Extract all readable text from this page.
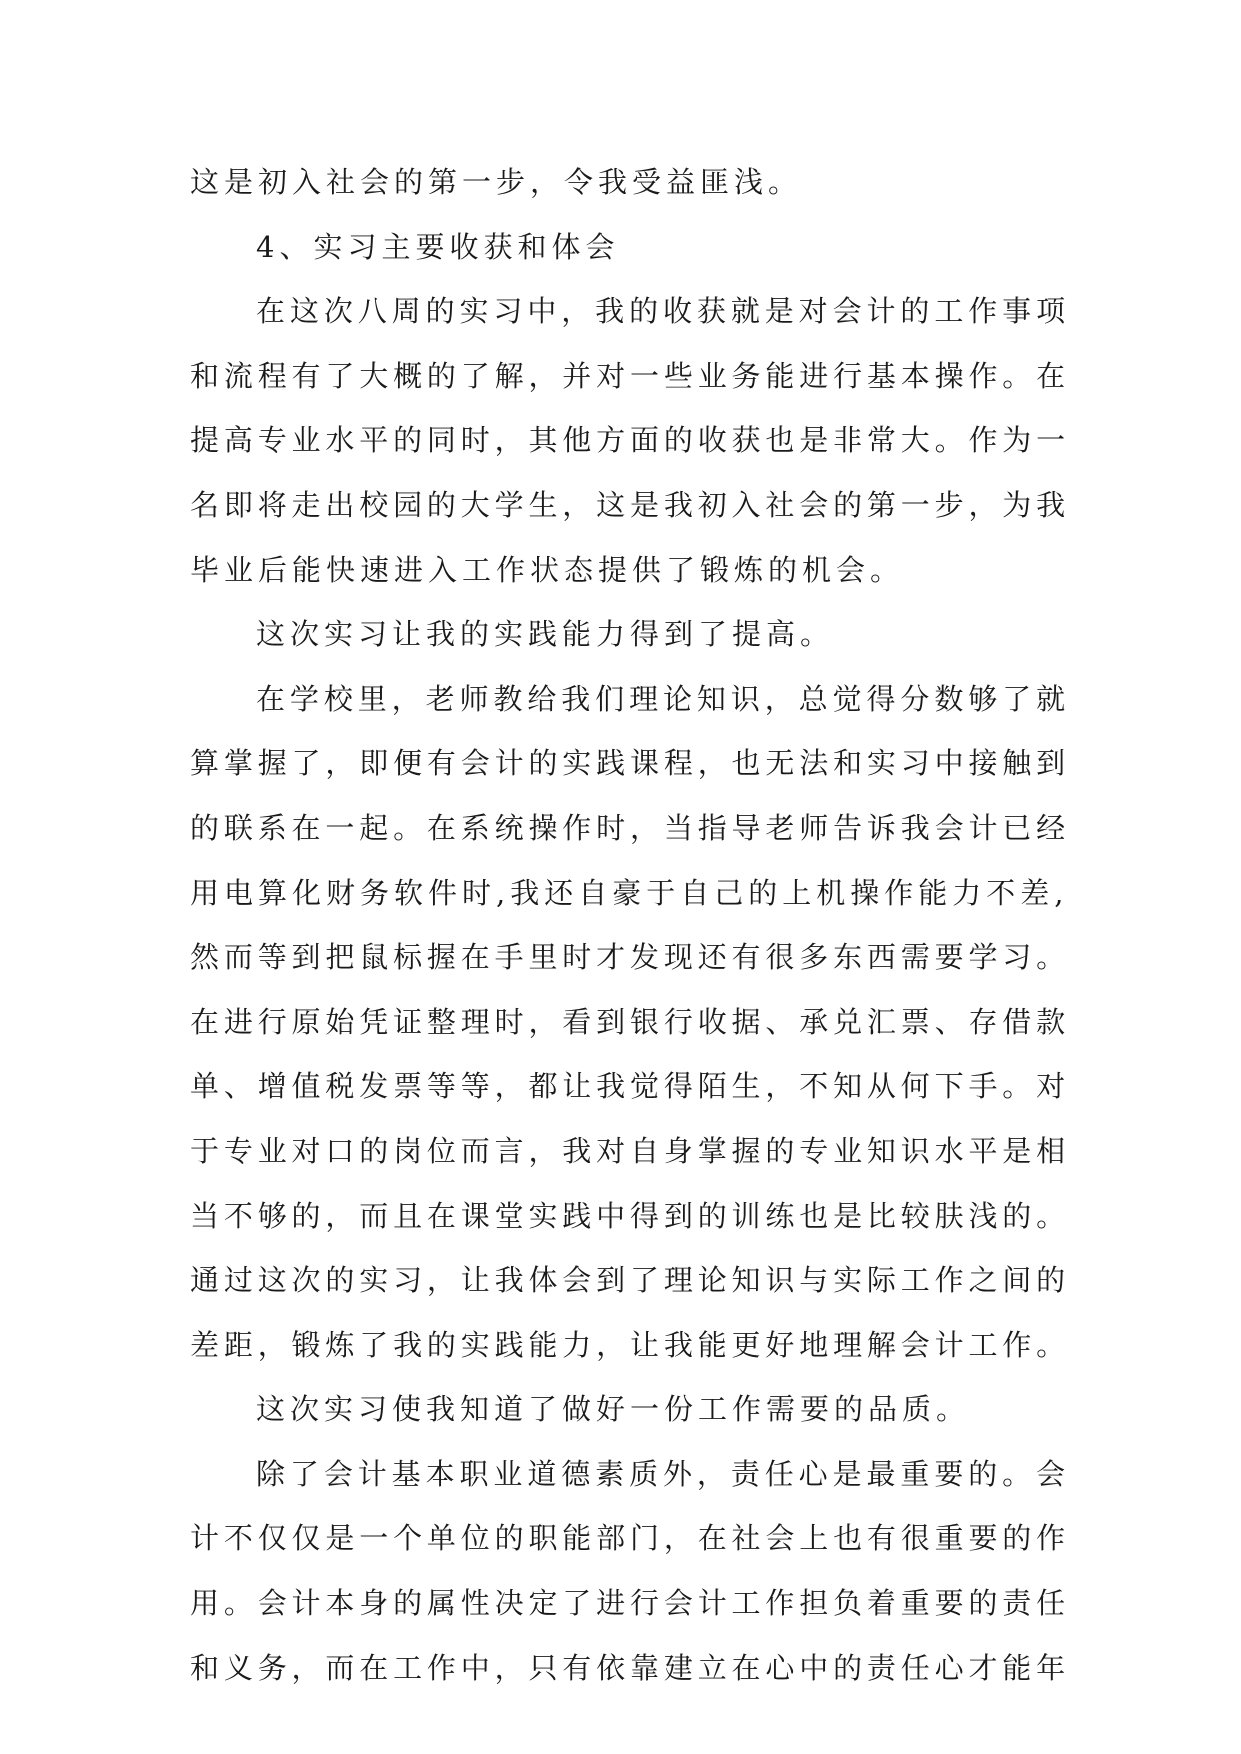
这是初入社会的第一步，令我受益匪浅。
4、实习主要收获和体会
在这次八周的实习中，我的收获就是对会计的工作事项
和流程有了大概的了解，并对一些业务能进行基本操作。在
提高专业水平的同时，其他方面的收获也是非常大。作为一
名即将走出校园的大学生，这是我初入社会的第一步，为我
毕业后能快速进入工作状态提供了锻炼的机会。
这次实习让我的实践能力得到了提高。
在学校里，老师教给我们理论知识，总觉得分数够了就
算掌握了，即便有会计的实践课程，也无法和实习中接触到
的联系在一起。在系统操作时，当指导老师告诉我会计已经
用电算化财务软件时,我还自豪于自己的上机操作能力不差,
然而等到把鼠标握在手里时才发现还有很多东西需要学习。
在进行原始凭证整理时，看到银行收据、承兑汇票、存借款
单、增值税发票等等，都让我觉得陌生，不知从何下手。对
于专业对口的岗位而言，我对自身掌握的专业知识水平是相
当不够的，而且在课堂实践中得到的训练也是比较肤浅的。
通过这次的实习，让我体会到了理论知识与实际工作之间的
差距，锻炼了我的实践能力，让我能更好地理解会计工作。
这次实习使我知道了做好一份工作需要的品质。
除了会计基本职业道德素质外，责任心是最重要的。会
计不仅仅是一个单位的职能部门，在社会上也有很重要的作
用。会计本身的属性决定了进行会计工作担负着重要的责任
和义务，而在工作中，只有依靠建立在心中的责任心才能年
